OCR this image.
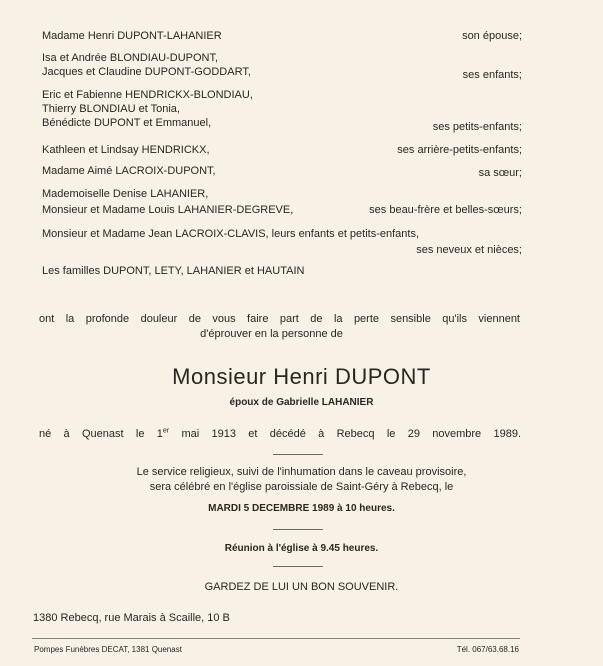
Madame Henri DUPONT-LAHANIER	son épouse;
Isa et Andrée BLONDIAU-DUPONT,
Jacques et Claudine DUPONT-GODDART,	ses enfants;
Eric et Fabienne HENDRICKX-BLONDIAU,
Thierry BLONDIAU et Tonia,
Bénédicte DUPONT et Emmanuel,	ses petits-enfants;
Kathleen et Lindsay HENDRICKX,	ses arrière-petits-enfants;
Madame Aimé LACROIX-DUPONT,	sa sœur;
Mademoiselle Denise LAHANIER,
Monsieur et Madame Louis LAHANIER-DEGREVE,	ses beau-frère et belles-sœurs;
Monsieur et Madame Jean LACROIX-CLAVIS, leurs enfants et petits-enfants,
ses neveux et nièces;
Les familles DUPONT, LETY, LAHANIER et HAUTAIN
ont la profonde douleur de vous faire part de la perte sensible qu'ils viennent
d'éprouver en la personne de
Monsieur Henri DUPONT
époux de Gabrielle LAHANIER
né à Quenast le 1er mai 1913 et décédé à Rebecq le 29 novembre 1989.
Le service religieux, suivi de l'inhumation dans le caveau provisoire,
sera célébré en l'église paroissiale de Saint-Géry à Rebecq, le
MARDI 5 DECEMBRE 1989 à 10 heures.
Réunion à l'église à 9.45 heures.
GARDEZ DE LUI UN BON SOUVENIR.
1380 Rebecq, rue Marais à Scaille, 10 B
Pompes Funèbres DECAT, 1381 Quenast	Tél. 067/63.68.16
